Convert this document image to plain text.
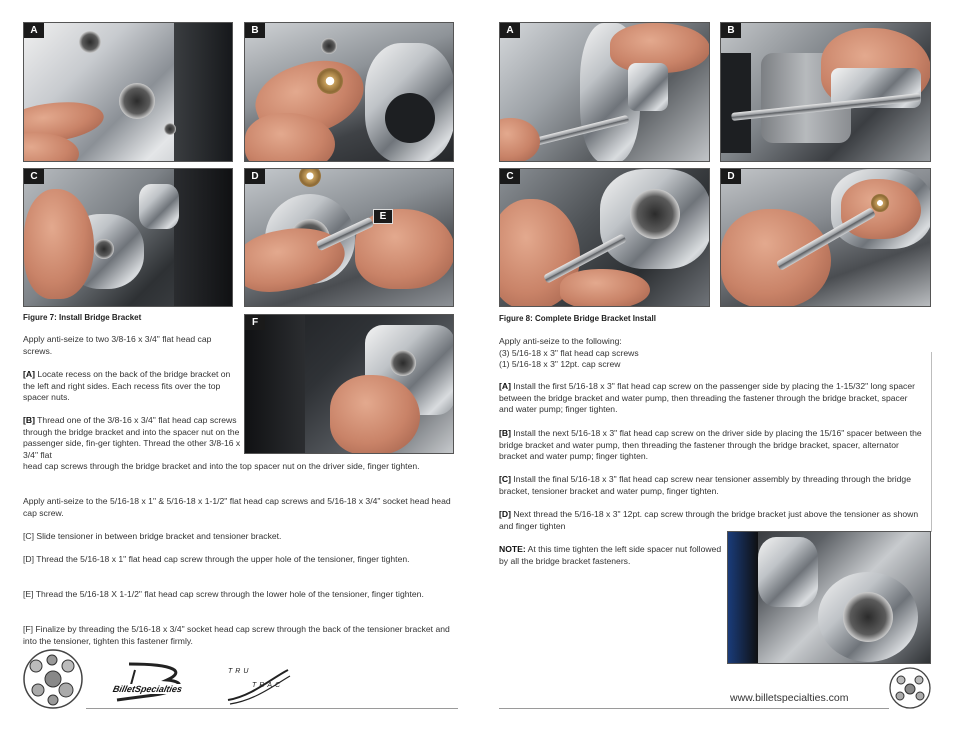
A	B
C	D
E
F
Figure 7: Install Bridge Bracket
Apply anti-seize to two 3/8-16 x 3/4" flat head cap screws.
[A] Locate recess on the back of the bridge bracket on the left and right sides. Each recess fits over the top spacer nuts.
[B] Thread one of the 3/8-16 x 3/4" flat head cap screws through the bridge bracket and into the spacer nut on the passenger side, fin-ger tighten. Thread the other 3/8-16 x 3/4" flat
head cap screws through the bridge bracket and into the top spacer nut on the driver side, finger tighten.
Apply anti-seize to the 5/16-18 x 1" & 5/16-18 x 1-1/2" flat head cap screws and 5/16-18 x 3/4" socket head head cap screw.
[C] Slide tensioner in between bridge bracket and tensioner bracket.
[D] Thread the 5/16-18 x 1" flat head cap screw through the upper hole of the tensioner, finger tighten.
[E] Thread the 5/16-18 X 1-1/2" flat head cap screw through the lower hole of the tensioner, finger tighten.
[F] Finalize by threading the 5/16-18 x 3/4" socket head cap screw through the back of the tensioner bracket and into the tensioner, tighten this fastener firmly.
A	B
C	D
Figure 8: Complete Bridge Bracket Install
Apply anti-seize to the following:
(3) 5/16-18 x 3" flat head cap screws
(1) 5/16-18 x 3" 12pt. cap screw
[A] Install the first 5/16-18 x 3" flat head cap screw on the passenger side by placing the 1-15/32" long spacer between the bridge bracket and water pump, then threading the fastener through the bridge bracket, spacer and water pump; finger tighten.
[B] Install the next 5/16-18 x 3" flat head cap screw on the driver side by placing the 15/16" spacer between the bridge bracket and water pump, then threading the fastener through the bridge bracket, spacer, alternator bracket and water pump; finger tighten.
[C] Install the final 5/16-18 x 3" flat head cap screw near tensioner assembly by threading through the bridge bracket, tensioner bracket and water pump, finger tighten.
[D] Next thread the 5/16-18 x 3" 12pt. cap screw through the bridge bracket just above the tensioner as shown and finger tighten
NOTE: At this time tighten the left side spacer nut followed by all the bridge bracket fasteners.
BilletSpecialties
TRU
TRAC
www.billetspecialties.com
